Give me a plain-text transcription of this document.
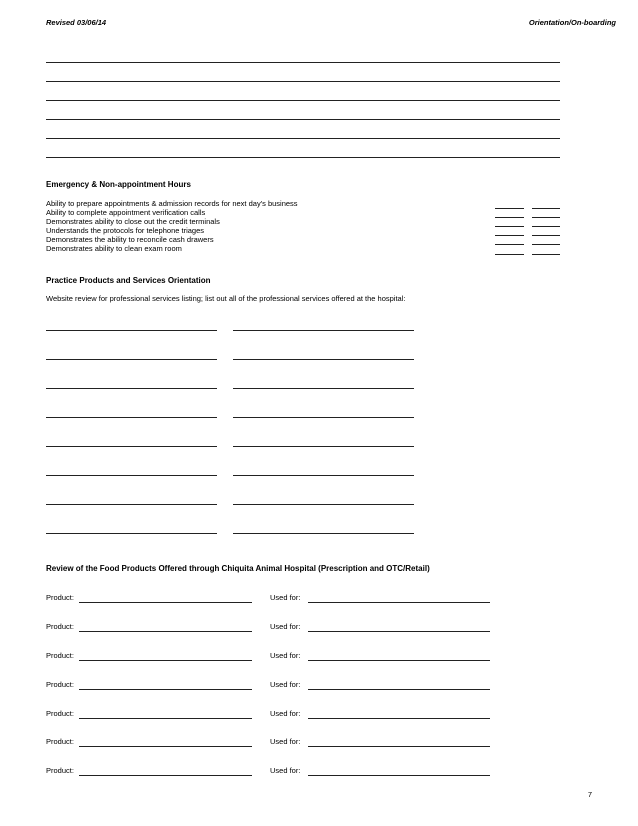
Revised 03/06/14	Orientation/On-boarding
Emergency & Non-appointment Hours
Ability to prepare appointments & admission records for next day's business
Ability to complete appointment verification calls
Demonstrates ability to close out the credit terminals
Understands the protocols for telephone triages
Demonstrates the ability to reconcile cash drawers
Demonstrates ability to clean exam room
Practice Products and Services Orientation
Website review for professional services listing; list out all of the professional services offered at the hospital:
Review of the Food Products Offered through Chiquita Animal Hospital (Prescription and OTC/Retail)
Product:	Used for:
Product:	Used for:
Product:	Used for:
Product:	Used for:
Product:	Used for:
Product:	Used for:
Product:	Used for:
7
